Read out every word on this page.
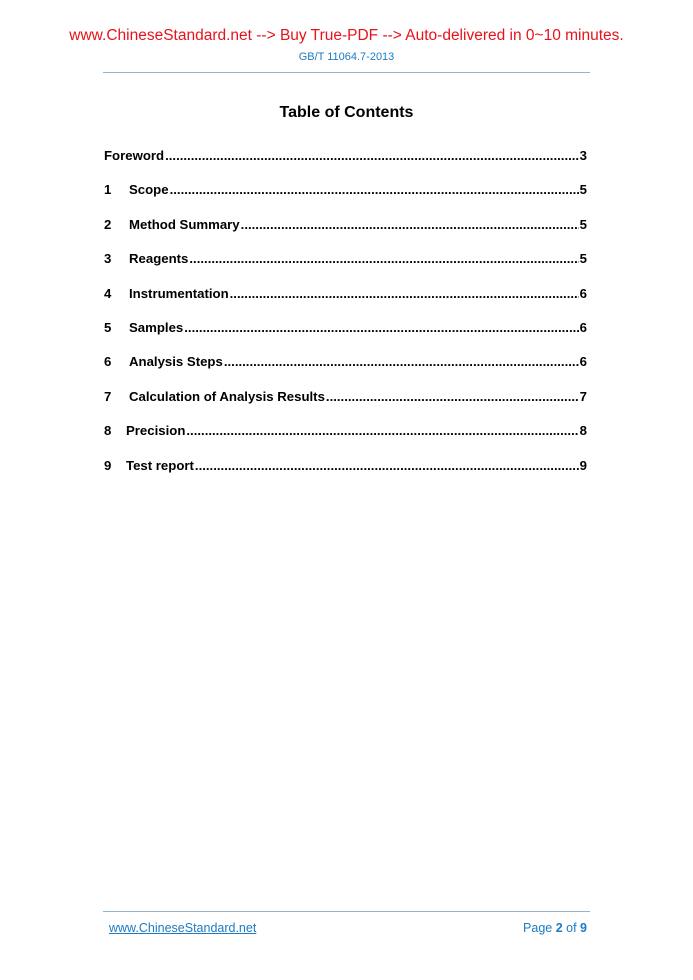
www.ChineseStandard.net --> Buy True-PDF --> Auto-delivered in 0~10 minutes.
GB/T 11064.7-2013
Table of Contents
Foreword .....	3
1	Scope .....	5
2	Method Summary .....	5
3	Reagents .....	5
4	Instrumentation .....	6
5	Samples .....	6
6	Analysis Steps .....	6
7	Calculation of Analysis Results .....	7
8	Precision .....	8
9	Test report .....	9
www.ChineseStandard.net	Page 2 of 9
